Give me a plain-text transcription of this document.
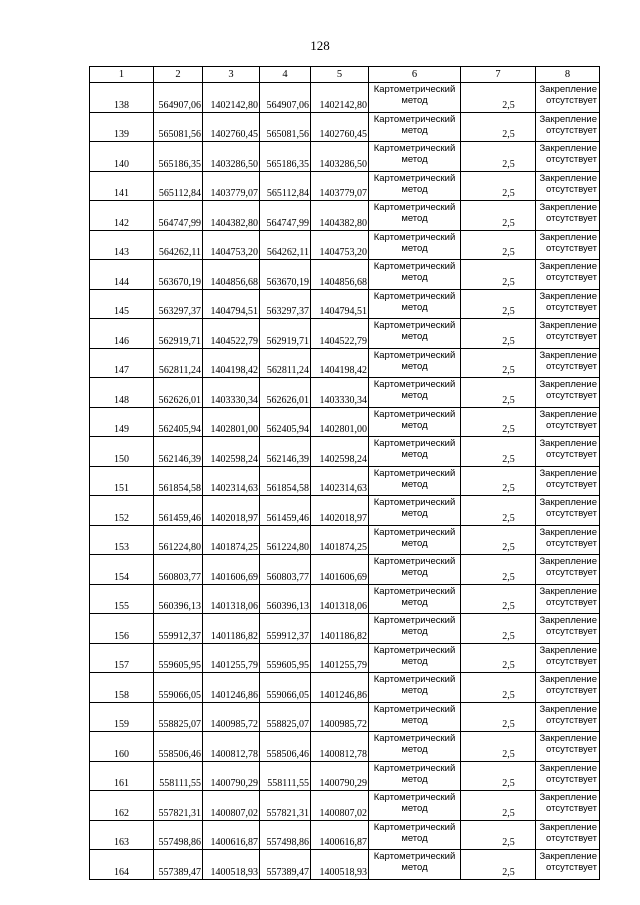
128
1	2	3	4	5	6	7	8
138	564907,06	1402142,80	564907,06	1402142,80	Картометрический метод	2,5	Закрепление отсутствует
139	565081,56	1402760,45	565081,56	1402760,45	Картометрический метод	2,5	Закрепление отсутствует
140	565186,35	1403286,50	565186,35	1403286,50	Картометрический метод	2,5	Закрепление отсутствует
141	565112,84	1403779,07	565112,84	1403779,07	Картометрический метод	2,5	Закрепление отсутствует
142	564747,99	1404382,80	564747,99	1404382,80	Картометрический метод	2,5	Закрепление отсутствует
143	564262,11	1404753,20	564262,11	1404753,20	Картометрический метод	2,5	Закрепление отсутствует
144	563670,19	1404856,68	563670,19	1404856,68	Картометрический метод	2,5	Закрепление отсутствует
145	563297,37	1404794,51	563297,37	1404794,51	Картометрический метод	2,5	Закрепление отсутствует
146	562919,71	1404522,79	562919,71	1404522,79	Картометрический метод	2,5	Закрепление отсутствует
147	562811,24	1404198,42	562811,24	1404198,42	Картометрический метод	2,5	Закрепление отсутствует
148	562626,01	1403330,34	562626,01	1403330,34	Картометрический метод	2,5	Закрепление отсутствует
149	562405,94	1402801,00	562405,94	1402801,00	Картометрический метод	2,5	Закрепление отсутствует
150	562146,39	1402598,24	562146,39	1402598,24	Картометрический метод	2,5	Закрепление отсутствует
151	561854,58	1402314,63	561854,58	1402314,63	Картометрический метод	2,5	Закрепление отсутствует
152	561459,46	1402018,97	561459,46	1402018,97	Картометрический метод	2,5	Закрепление отсутствует
153	561224,80	1401874,25	561224,80	1401874,25	Картометрический метод	2,5	Закрепление отсутствует
154	560803,77	1401606,69	560803,77	1401606,69	Картометрический метод	2,5	Закрепление отсутствует
155	560396,13	1401318,06	560396,13	1401318,06	Картометрический метод	2,5	Закрепление отсутствует
156	559912,37	1401186,82	559912,37	1401186,82	Картометрический метод	2,5	Закрепление отсутствует
157	559605,95	1401255,79	559605,95	1401255,79	Картометрический метод	2,5	Закрепление отсутствует
158	559066,05	1401246,86	559066,05	1401246,86	Картометрический метод	2,5	Закрепление отсутствует
159	558825,07	1400985,72	558825,07	1400985,72	Картометрический метод	2,5	Закрепление отсутствует
160	558506,46	1400812,78	558506,46	1400812,78	Картометрический метод	2,5	Закрепление отсутствует
161	558111,55	1400790,29	558111,55	1400790,29	Картометрический метод	2,5	Закрепление отсутствует
162	557821,31	1400807,02	557821,31	1400807,02	Картометрический метод	2,5	Закрепление отсутствует
163	557498,86	1400616,87	557498,86	1400616,87	Картометрический метод	2,5	Закрепление отсутствует
164	557389,47	1400518,93	557389,47	1400518,93	Картометрический метод	2,5	Закрепление отсутствует
